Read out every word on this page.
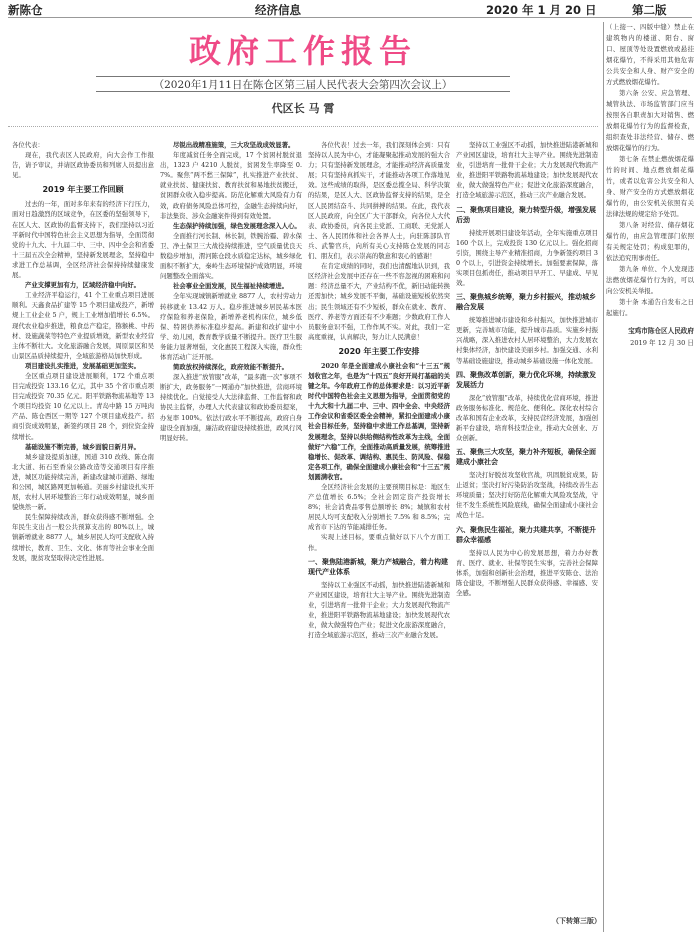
新陈仓	经济信息	2020 年 1 月 20 日	第二版
政府工作报告
（2020年1月11日在陈仓区第三届人民代表大会第四次会议上）
代区长 马 霄

各位代表：

现在，我代表区人民政府，向大会作工作报告，请予审议，并请区政协委员和列席人员提出意见。

2019 年主要工作回顾

过去的一年，面对多年来有的经济下行压力，面对日趋激烈的区域竞争，在区委的坚强领导下，在区人大、区政协的监督支持下，我们坚持以习近平新时代中国特色社会主义思想为指导，全面贯彻党的十九大、十九届二中、三中、四中全会和省委十三届五次全会精神，坚持新发展理念，坚持稳中求进工作总基调，全区经济社会保持持续健康发展。

产业支撑更加有力，区域经济稳中向好。

工业经济平稳运行，41 个工业重点项目进展顺利。天鑫食品扩建等 15 个项目建成投产，新增规上工业企业 5 户，规上工业增加值增长 6.5%。现代农业稳步推进，粮食总产稳定，猕猴桃、中药材、设施蔬菜等特色产业提质增效，新型农业经营主体不断壮大。文化旅游融合发展，周原景区和吴山景区品质持续提升，全域旅游格局加快形成。

项目建设扎实推进，发展基础更加坚实。

全区重点项目建设进展顺利，172 个重点项目完成投资 133.16 亿元，其中 35 个省市重点项目完成投资 70.35 亿元。阳平铁路物流基地等 13 个项目均投资 10 亿元以上。青岛中路 15 万吨肉产品、陈仓西区一期等 127 个项目建成投产。招商引资成效明显，新签约项目 28 个，到位资金持续增长。

基础设施不断完善，城乡面貌日新月异。

城乡建设提质加速，国道 310 改线、陈仓南北大道、拓石至香泉公路改造等交通项目有序推进，城区功能持续完善，新建改建城市道路、绿地和公园，城区路网更加畅通。美丽乡村建设扎实开展，农村人居环境整治三年行动成效明显，城乡面貌焕然一新。

民生保障持续改善，群众获得感不断增强。全年民生支出占一般公共预算支出的 80%以上，城镇新增就业 8877 人，城乡居民人均可支配收入持续增长，教育、卫生、文化、体育等社会事业全面发展，脱贫攻坚取得决定性进展。

尽锐出战精准施策，三大攻坚战成效显著。

年度减贫任务全面完成，17 个贫困村脱贫退出，1323 户 4210 人脱贫，贫困发生率降至 0.7%。聚焦“两不愁三保障”，扎实推进产业扶贫、就业扶贫、健康扶贫、教育扶贫和易地扶贫搬迁，贫困群众收入稳步提高。防范化解重大风险有力有效，政府债务风险总体可控，金融生态持续向好，非法集资、涉众金融案件得到有效处置。

生态保护持续加强，绿色发展理念深入人心。

全面推行河长制、林长制，铁腕治霾、碧水保卫、净土保卫三大战役持续推进，空气质量优良天数稳步增加，渭河陈仓段水质稳定达标，城乡绿化面积不断扩大，秦岭生态环境保护成效明显，环境问题整改全面落实。

社会事业全面发展，民生福祉持续增进。

全年实现城镇新增就业 8877 人，农村劳动力转移就业 13.42 万人。稳步推进城乡居民基本医疗保险和养老保险，新增养老机构床位，城乡低保、特困供养标准稳步提高。新建和改扩建中小学、幼儿园，教育教学质量不断提升。医疗卫生服务能力显著增强，文化惠民工程深入实施，群众性体育活动广泛开展。

简政放权持续深化，政府效能不断提升。

深入推进“放管服”改革，“最多跑一次”事项不断扩大，政务服务“一网通办”加快推进，营商环境持续优化。自觉接受人大法律监督、工作监督和政协民主监督，办理人大代表建议和政协委员提案，办复率 100%。依法行政水平不断提高，政府自身建设全面加强，廉洁政府建设持续推进，政风行风明显好转。

各位代表！过去一年，我们深刻体会到：只有坚持以人民为中心，才能凝聚起推动发展的强大合力；只有坚持新发展理念，才能推动经济高质量发展；只有坚持真抓实干，才能推动各项工作落地见效。这些成绩的取得，是区委总揽全局、科学决策的结果，是区人大、区政协监督支持的结果，是全区人民团结奋斗、共同拼搏的结果。在此，我代表区人民政府，向全区广大干部群众，向各位人大代表、政协委员，向各民主党派、工商联、无党派人士、各人民团体和社会各界人士，向驻陈部队官兵、武警官兵，向所有关心支持陈仓发展的同志们、朋友们，表示崇高的敬意和衷心的感谢！

在肯定成绩的同时，我们也清醒地认识到，我区经济社会发展中还存在一些不容忽视的困难和问题：经济总量不大，产业结构不优，新旧动能转换还需加快；城乡发展不平衡，基础设施短板依然突出；民生领域还有不少短板，群众在就业、教育、医疗、养老等方面还有不少难题；少数政府工作人员服务意识不强，工作作风不实。对此，我们一定高度重视，认真解决，努力让人民满意！

2020 年主要工作安排

2020 年是全面建成小康社会和“十三五”规划收官之年，也是为“十四五”良好开局打基础的关键之年。今年政府工作的总体要求是：以习近平新时代中国特色社会主义思想为指导，全面贯彻党的十九大和十九届二中、三中、四中全会、中央经济工作会议和省委区委全会精神，紧扣全面建成小康社会目标任务，坚持稳中求进工作总基调，坚持新发展理念，坚持以供给侧结构性改革为主线，全面做好“六稳”工作，全面推动高质量发展，统筹推进稳增长、促改革、调结构、惠民生、防风险、保稳定各项工作，确保全面建成小康社会和“十三五”规划圆满收官。

全区经济社会发展的主要预期目标是：地区生产总值增长 6.5%；全社会固定资产投资增长 8%；社会消费品零售总额增长 8%；城镇和农村居民人均可支配收入分别增长 7.5% 和 8.5%；完成省市下达的节能减排任务。

实现上述目标，要重点做好以下八个方面工作。

一、聚焦陆港新城，聚力产城融合，着力构建现代产业体系

坚持以工业强区不动摇，加快推进陆港新城和产业园区建设，培育壮大主导产业。围绕先进制造业，引进培育一批骨干企业；大力发展现代物流产业，推进阳平铁路物流基地建设；加快发展现代农业，做大做强特色产业；促进文化旅游深度融合，打造全域旅游示范区，推动三次产业融合发展。

坚持以工业强区不动摇，加快推进陆港新城和产业园区建设，培育壮大主导产业。围绕先进制造业，引进培育一批骨干企业；大力发展现代物流产业，推进阳平铁路物流基地建设；加快发展现代农业，做大做强特色产业；促进文化旅游深度融合，打造全域旅游示范区，推动三次产业融合发展。

二、聚焦项目建设，聚力转型升级，增强发展后劲

持续开展项目建设年活动，全年实施重点项目 160 个以上，完成投资 130 亿元以上。强化招商引资，围绕主导产业精准招商，力争新签约项目 30 个以上，引进资金持续增长。加强要素保障，落实项目包抓责任，推动项目早开工、早建成、早见效。

三、聚焦城乡统筹，聚力乡村振兴，推动城乡融合发展

统筹推进城市建设和乡村振兴，加快推进城市更新，完善城市功能，提升城市品质。实施乡村振兴战略，深入推进农村人居环境整治，大力发展农村集体经济，加快建设美丽乡村。加强交通、水利等基础设施建设，推动城乡基础设施一体化发展。

四、聚焦改革创新，聚力优化环境，持续激发发展活力

深化“放管服”改革，持续优化营商环境，推进政务服务标准化、规范化、便利化。深化农村综合改革和国有企业改革，支持民营经济发展，加强创新平台建设，培育科技型企业，推动大众创业、万众创新。

五、聚焦三大攻坚，聚力补齐短板，确保全面建成小康社会

坚决打好脱贫攻坚收官战，巩固脱贫成果，防止返贫；坚决打好污染防治攻坚战，持续改善生态环境质量；坚决打好防范化解重大风险攻坚战，守住不发生系统性风险底线，确保全面建成小康社会成色十足。

六、聚焦民生福祉，聚力共建共享，不断提升群众幸福感

坚持以人民为中心的发展思想，着力办好教育、医疗、就业、社保等民生实事，完善社会保障体系，加强和创新社会治理，推进平安陈仓、法治陈仓建设，不断增强人民群众获得感、幸福感、安全感。

（下转第三版）

（上接一、四版中缝）禁止在建筑物内的楼道、阳台、窗口、屋顶等处设置燃放或悬挂烟花爆竹，不得采用其他危害公共安全和人身、财产安全的方式燃放烟花爆竹。

第六条 公安、应急管理、城管执法、市场监管部门应当按照各自职责加大对销售、燃放烟花爆竹行为的监督检查，组织查处非法经营、储存、燃放烟花爆竹的行为。

第七条 在禁止燃放烟花爆竹的时间、地点燃放烟花爆竹，或者以危害公共安全和人身、财产安全的方式燃放烟花爆竹的，由公安机关依照有关法律法规的规定给予处罚。

第八条 对经营、储存烟花爆竹的，由应急管理部门依照有关规定处罚；构成犯罪的，依法追究刑事责任。

第九条 单位、个人发现违法燃放烟花爆竹行为的，可以向公安机关举报。

第十条 本通告自发布之日起施行。

宝鸡市陈仓区人民政府
2019 年 12 月 30 日
